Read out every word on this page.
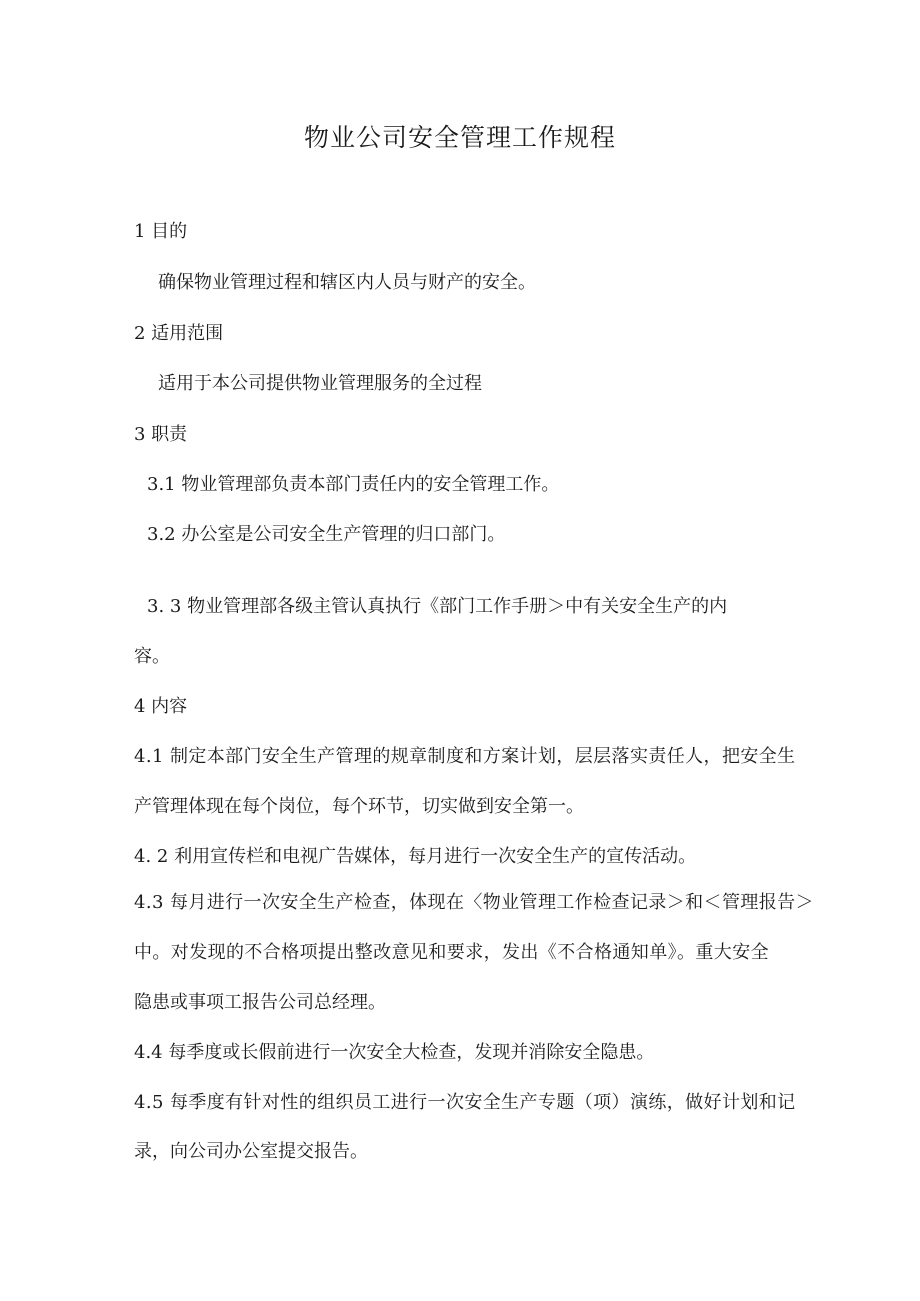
物业公司安全管理工作规程
1 目的
确保物业管理过程和辖区内人员与财产的安全。
2 适用范围
适用于本公司提供物业管理服务的全过程
3 职责
3.1 物业管理部负责本部门责任内的安全管理工作。
3.2 办公室是公司安全生产管理的归口部门。
3. 3 物业管理部各级主管认真执行《部门工作手册＞中有关安全生产的内
容。
4 内容
4.1 制定本部门安全生产管理的规章制度和方案计划，层层落实责任人，把安全生
产管理体现在每个岗位，每个环节，切实做到安全第一。
4. 2 利用宣传栏和电视广告媒体，每月进行一次安全生产的宣传活动。
4.3 每月进行一次安全生产检查，体现在〈物业管理工作检查记录＞和＜管理报告＞
中。对发现的不合格项提出整改意见和要求，发出《不合格通知单》。重大安全
隐患或事项工报告公司总经理。
4.4 每季度或长假前进行一次安全大检查，发现并消除安全隐患。
4.5 每季度有针对性的组织员工进行一次安全生产专题（项）演练，做好计划和记
录，向公司办公室提交报告。
